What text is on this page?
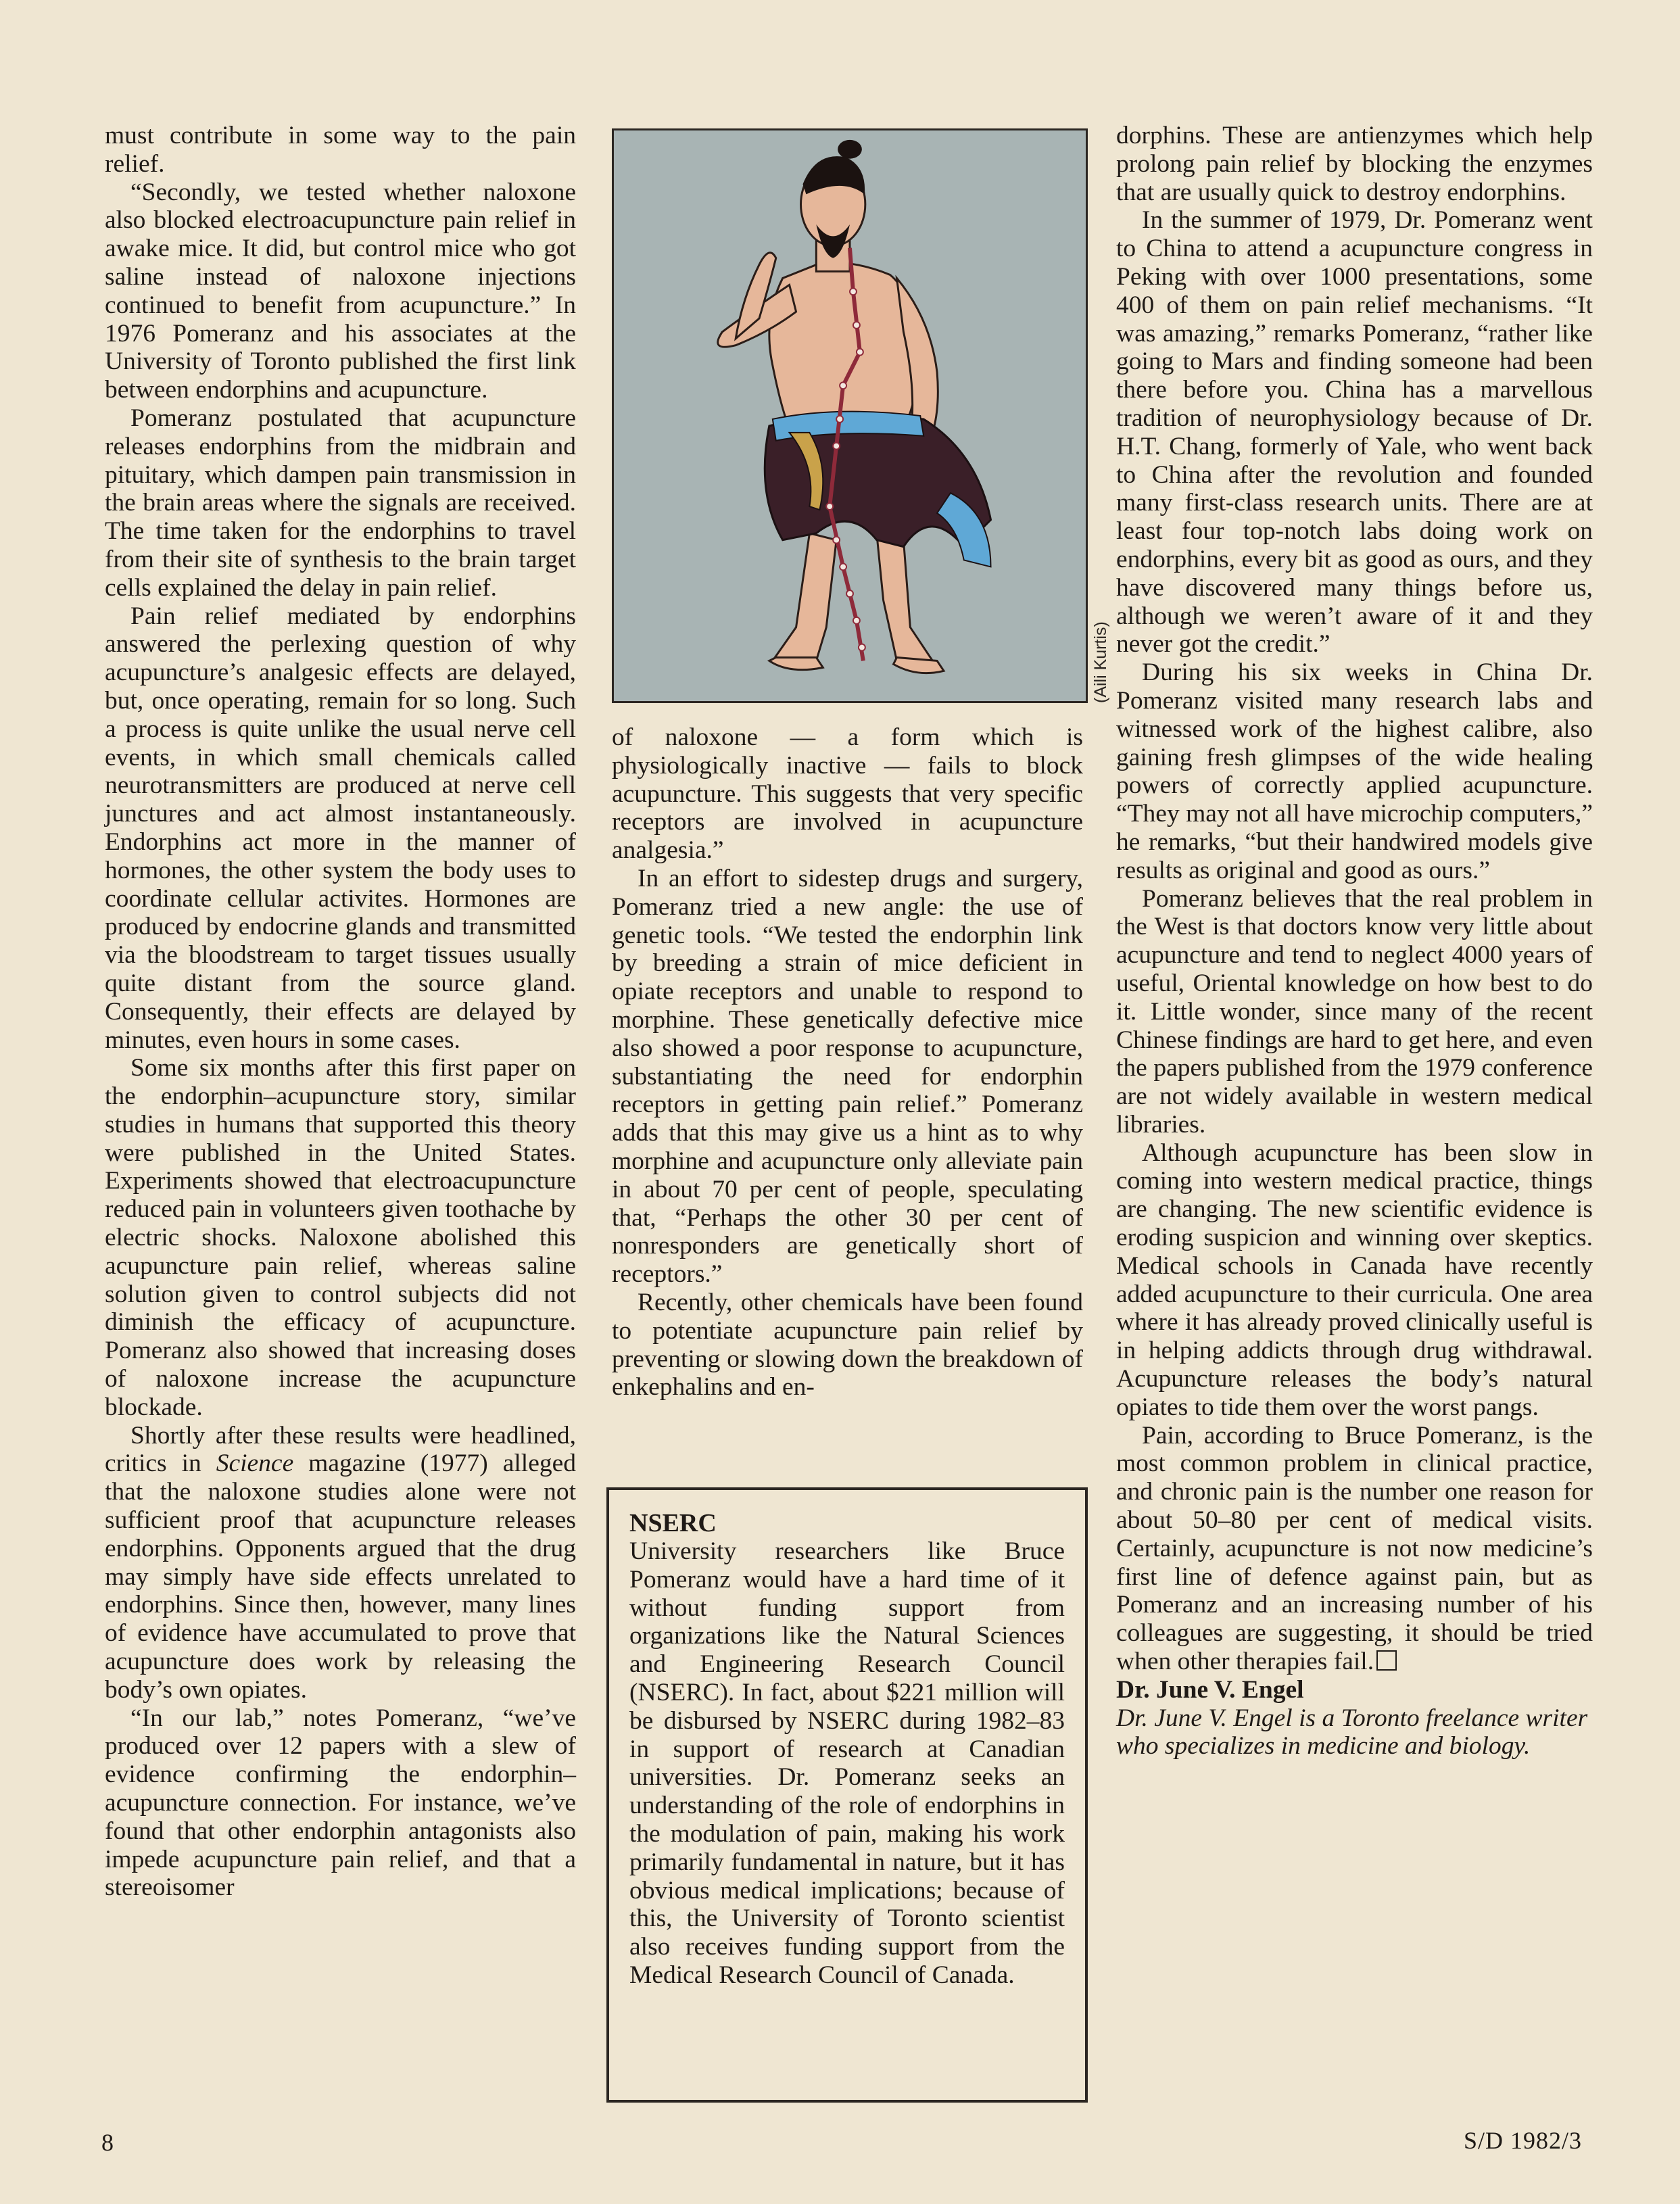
must contribute in some way to the pain relief.

“Secondly, we tested whether naloxone also blocked electroacupuncture pain relief in awake mice. It did, but control mice who got saline instead of naloxone injections continued to benefit from acupuncture.” In 1976 Pomeranz and his associates at the University of Toronto published the first link between endorphins and acupuncture.

Pomeranz postulated that acupuncture releases endorphins from the midbrain and pituitary, which dampen pain transmission in the brain areas where the signals are received. The time taken for the endorphins to travel from their site of synthesis to the brain target cells explained the delay in pain relief.

Pain relief mediated by endorphins answered the perlexing question of why acupuncture’s analgesic effects are delayed, but, once operating, remain for so long. Such a process is quite unlike the usual nerve cell events, in which small chemicals called neurotransmitters are produced at nerve cell junctures and act almost instantaneously. Endorphins act more in the manner of hormones, the other system the body uses to coordinate cellular activites. Hormones are produced by endocrine glands and transmitted via the bloodstream to target tissues usually quite distant from the source gland. Consequently, their effects are delayed by minutes, even hours in some cases.

Some six months after this first paper on the endorphin–acupuncture story, similar studies in humans that supported this theory were published in the United States. Experiments showed that electroacupuncture reduced pain in volunteers given toothache by electric shocks. Naloxone abolished this acupuncture pain relief, whereas saline solution given to control subjects did not diminish the efficacy of acupuncture. Pomeranz also showed that increasing doses of naloxone increase the acupuncture blockade.

Shortly after these results were headlined, critics in Science magazine (1977) alleged that the naloxone studies alone were not sufficient proof that acupuncture releases endorphins. Opponents argued that the drug may simply have side effects unrelated to endorphins. Since then, however, many lines of evidence have accumulated to prove that acupuncture does work by releasing the body’s own opiates.

“In our lab,” notes Pomeranz, “we’ve produced over 12 papers with a slew of evidence confirming the endorphin–acupuncture connection. For instance, we’ve found that other endorphin antagonists also impede acupuncture pain relief, and that a stereoisomer

(Aili Kurtis)

of naloxone — a form which is physiologically inactive — fails to block acupuncture. This suggests that very specific receptors are involved in acupuncture analgesia.”

In an effort to sidestep drugs and surgery, Pomeranz tried a new angle: the use of genetic tools. “We tested the endorphin link by breeding a strain of mice deficient in opiate receptors and unable to respond to morphine. These genetically defective mice also showed a poor response to acupuncture, substantiating the need for endorphin receptors in getting pain relief.” Pomeranz adds that this may give us a hint as to why morphine and acupuncture only alleviate pain in about 70 per cent of people, speculating that, “Perhaps the other 30 per cent of nonresponders are genetically short of receptors.”

Recently, other chemicals have been found to potentiate acupuncture pain relief by preventing or slowing down the breakdown of enkephalins and en-

NSERC

University researchers like Bruce Pomeranz would have a hard time of it without funding support from organizations like the Natural Sciences and Engineering Research Council (NSERC). In fact, about $221 million will be disbursed by NSERC during 1982–83 in support of research at Canadian universities. Dr. Pomeranz seeks an understanding of the role of endorphins in the modulation of pain, making his work primarily fundamental in nature, but it has obvious medical implications; because of this, the University of Toronto scientist also receives funding support from the Medical Research Council of Canada.

dorphins. These are antienzymes which help prolong pain relief by blocking the enzymes that are usually quick to destroy endorphins.

In the summer of 1979, Dr. Pomeranz went to China to attend a acupuncture congress in Peking with over 1000 presentations, some 400 of them on pain relief mechanisms. “It was amazing,” remarks Pomeranz, “rather like going to Mars and finding someone had been there before you. China has a marvellous tradition of neurophysiology because of Dr. H.T. Chang, formerly of Yale, who went back to China after the revolution and founded many first-class research units. There are at least four top-notch labs doing work on endorphins, every bit as good as ours, and they have discovered many things before us, although we weren’t aware of it and they never got the credit.”

During his six weeks in China Dr. Pomeranz visited many research labs and witnessed work of the highest calibre, also gaining fresh glimpses of the wide healing powers of correctly applied acupuncture. “They may not all have microchip computers,” he remarks, “but their handwired models give results as original and good as ours.”

Pomeranz believes that the real problem in the West is that doctors know very little about acupuncture and tend to neglect 4000 years of useful, Oriental knowledge on how best to do it. Little wonder, since many of the recent Chinese findings are hard to get here, and even the papers published from the 1979 conference are not widely available in western medical libraries.

Although acupuncture has been slow in coming into western medical practice, things are changing. The new scientific evidence is eroding suspicion and winning over skeptics. Medical schools in Canada have recently added acupuncture to their curricula. One area where it has already proved clinically useful is in helping addicts through drug withdrawal. Acupuncture releases the body’s natural opiates to tide them over the worst pangs.

Pain, according to Bruce Pomeranz, is the most common problem in clinical practice, and chronic pain is the number one reason for about 50–80 per cent of medical visits. Certainly, acupuncture is not now medicine’s first line of defence against pain, but as Pomeranz and an increasing number of his colleagues are suggesting, it should be tried when other therapies fail.

Dr. June V. Engel

Dr. June V. Engel is a Toronto freelance writer who specializes in medicine and biology.

8	S/D 1982/3
